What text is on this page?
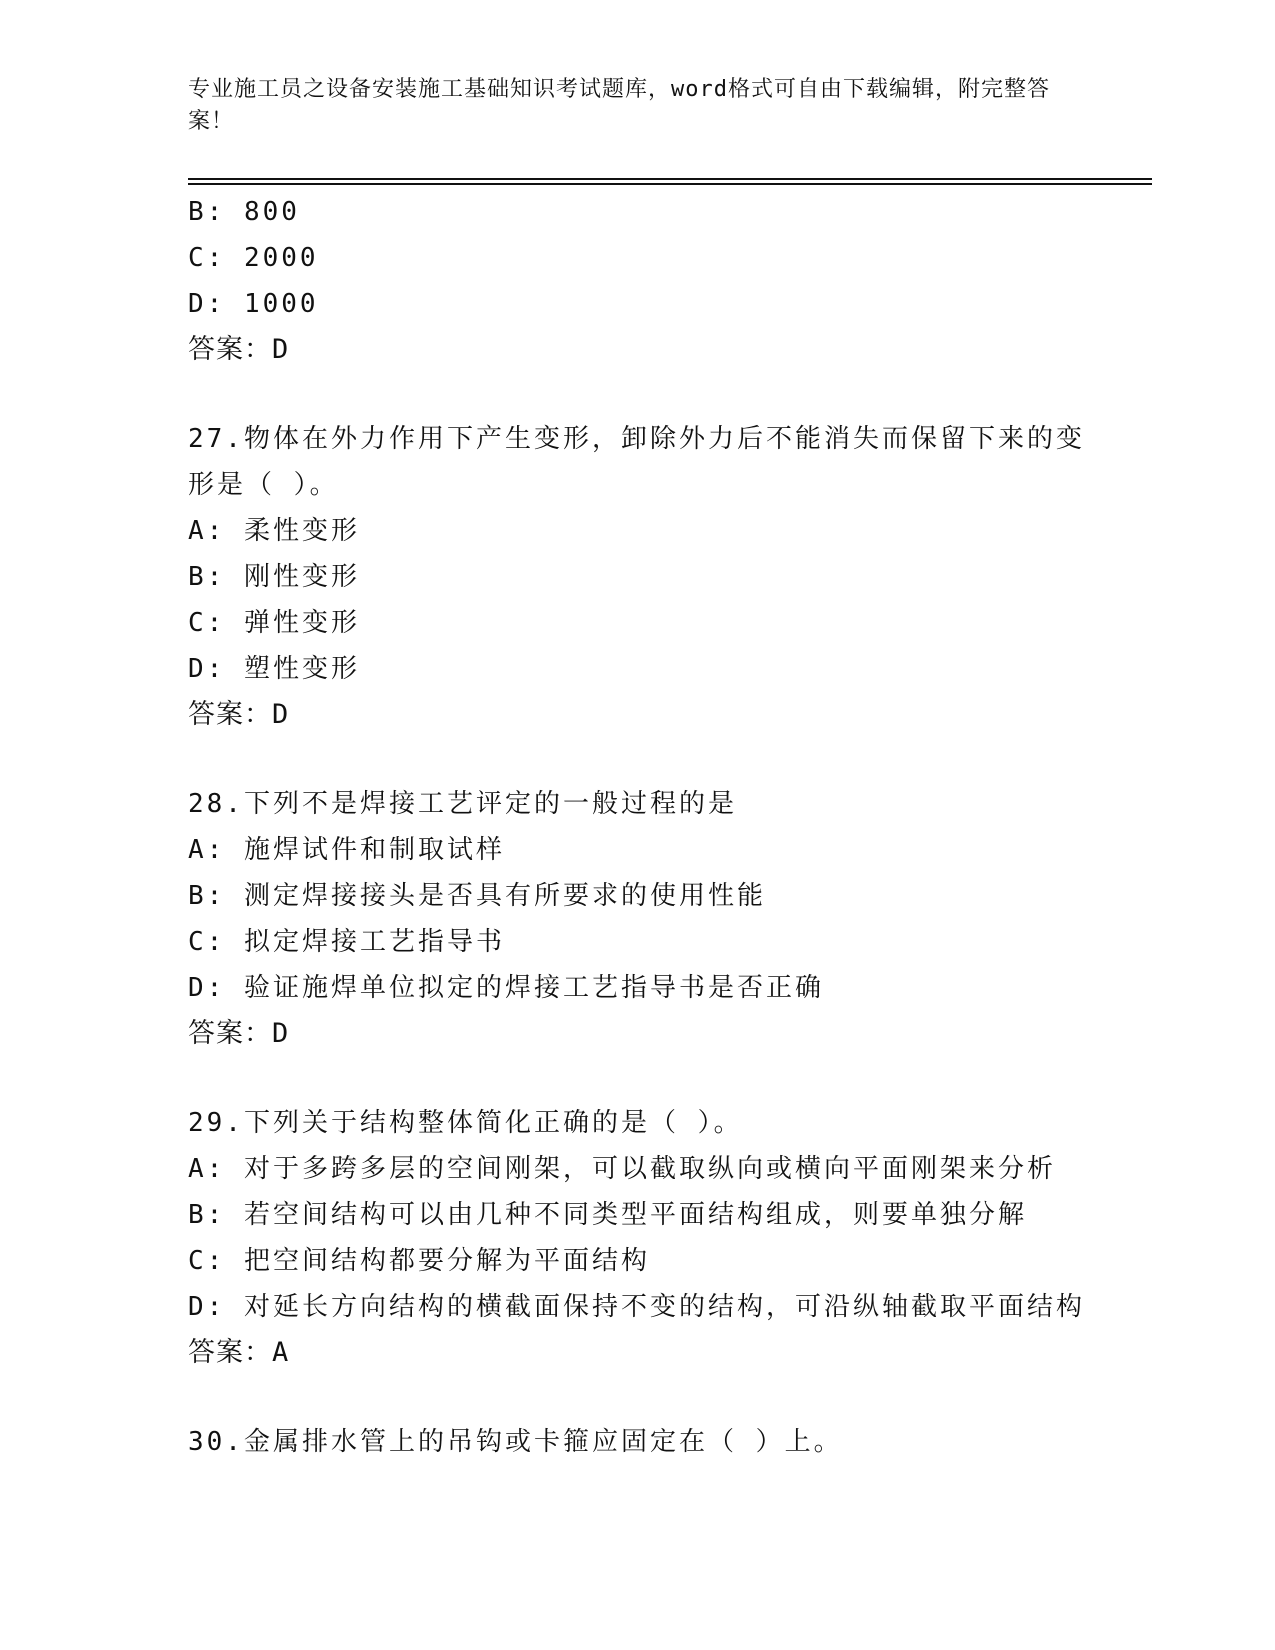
专业施工员之设备安装施工基础知识考试题库，word格式可自由下载编辑，附完整答案！
B: 800
C: 2000
D: 1000
答案：D
27.物体在外力作用下产生变形，卸除外力后不能消失而保留下来的变形是（ ）。
A: 柔性变形
B: 刚性变形
C: 弹性变形
D: 塑性变形
答案：D
28.下列不是焊接工艺评定的一般过程的是
A: 施焊试件和制取试样
B: 测定焊接接头是否具有所要求的使用性能
C: 拟定焊接工艺指导书
D: 验证施焊单位拟定的焊接工艺指导书是否正确
答案：D
29.下列关于结构整体简化正确的是（ ）。
A: 对于多跨多层的空间刚架，可以截取纵向或横向平面刚架来分析
B: 若空间结构可以由几种不同类型平面结构组成，则要单独分解
C: 把空间结构都要分解为平面结构
D: 对延长方向结构的横截面保持不变的结构，可沿纵轴截取平面结构
答案：A
30.金属排水管上的吊钩或卡箍应固定在（ ）上。
